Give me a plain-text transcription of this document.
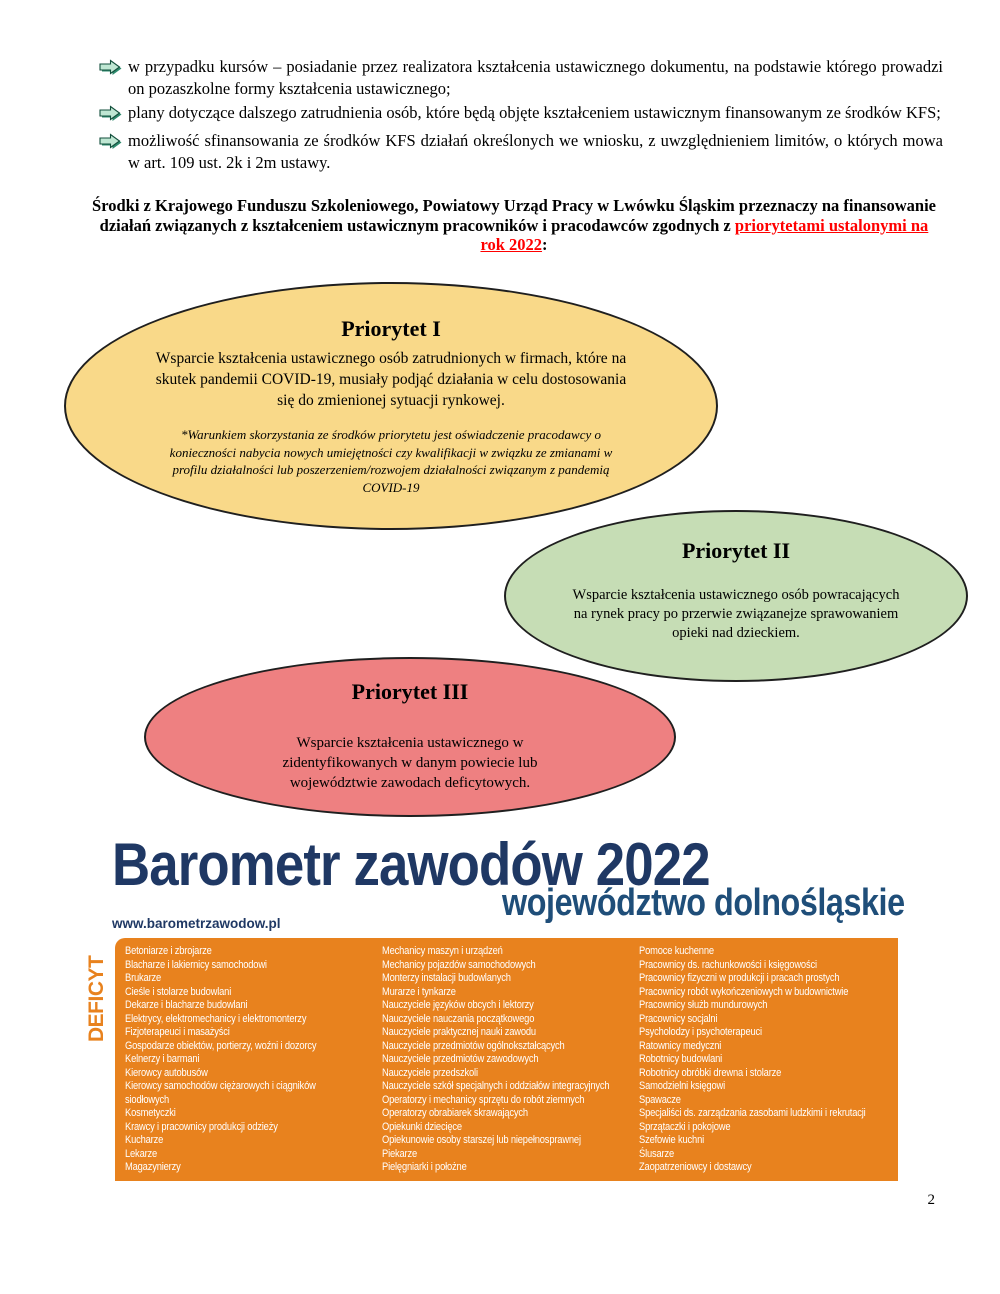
w przypadku kursów – posiadanie przez realizatora kształcenia ustawicznego dokumentu, na podstawie którego prowadzi on pozaszkolne formy kształcenia ustawicznego;
plany dotyczące dalszego zatrudnienia osób, które będą objęte kształceniem ustawicznym finansowanym ze środków KFS;
możliwość sfinansowania ze środków KFS działań określonych we wniosku, z uwzględnieniem limitów, o których mowa w art. 109 ust. 2k i 2m ustawy.

Środki z Krajowego Funduszu Szkoleniowego, Powiatowy Urząd Pracy w Lwówku Śląskim przeznaczy na finansowanie działań związanych z kształceniem ustawicznym pracowników i pracodawców zgodnych z priorytetami ustalonymi na rok 2022:

Priorytet I

Wsparcie kształcenia ustawicznego osób zatrudnionych w firmach, które na skutek pandemii COVID-19, musiały podjąć działania w celu dostosowania się do zmienionej sytuacji rynkowej.

*Warunkiem skorzystania ze środków priorytetu jest oświadczenie pracodawcy o konieczności nabycia nowych umiejętności czy kwalifikacji w związku ze zmianami w profilu działalności lub poszerzeniem/rozwojem działalności związanym z pandemią COVID-19

Priorytet II

Wsparcie kształcenia ustawicznego osób powracających na rynek pracy po przerwie związanejze sprawowaniem opieki nad dzieckiem.

Priorytet III

Wsparcie kształcenia ustawicznego w zidentyfikowanych w danym powiecie lub województwie zawodach deficytowych.

Barometr zawodów 2022
województwo dolnośląskie
www.barometrzawodow.pl
DEFICYT
Betoniarze i zbrojarze
Blacharze i lakiernicy samochodowi
Brukarze
Cieśle i stolarze budowlani
Dekarze i blacharze budowlani
Elektrycy, elektromechanicy i elektromonterzy
Fizjoterapeuci i masażyści
Gospodarze obiektów, portierzy, woźni i dozorcy
Kelnerzy i barmani
Kierowcy autobusów
Kierowcy samochodów ciężarowych i ciągników siodłowych
Kosmetyczki
Krawcy i pracownicy produkcji odzieży
Kucharze
Lekarze
Magazynierzy
Mechanicy maszyn i urządzeń
Mechanicy pojazdów samochodowych
Monterzy instalacji budowlanych
Murarze i tynkarze
Nauczyciele języków obcych i lektorzy
Nauczyciele nauczania początkowego
Nauczyciele praktycznej nauki zawodu
Nauczyciele przedmiotów ogólnokształcących
Nauczyciele przedmiotów zawodowych
Nauczyciele przedszkoli
Nauczyciele szkół specjalnych i oddziałów integracyjnych
Operatorzy i mechanicy sprzętu do robót ziemnych
Operatorzy obrabiarek skrawających
Opiekunki dziecięce
Opiekunowie osoby starszej lub niepełnosprawnej
Piekarze
Pielęgniarki i położne
Pomoce kuchenne
Pracownicy ds. rachunkowości i księgowości
Pracownicy fizyczni w produkcji i pracach prostych
Pracownicy robót wykończeniowych w budownictwie
Pracownicy służb mundurowych
Pracownicy socjalni
Psycholodzy i psychoterapeuci
Ratownicy medyczni
Robotnicy budowlani
Robotnicy obróbki drewna i stolarze
Samodzielni księgowi
Spawacze
Specjaliści ds. zarządzania zasobami ludzkimi i rekrutacji
Sprzątaczki i pokojowe
Szefowie kuchni
Ślusarze
Zaopatrzeniowcy i dostawcy
2
